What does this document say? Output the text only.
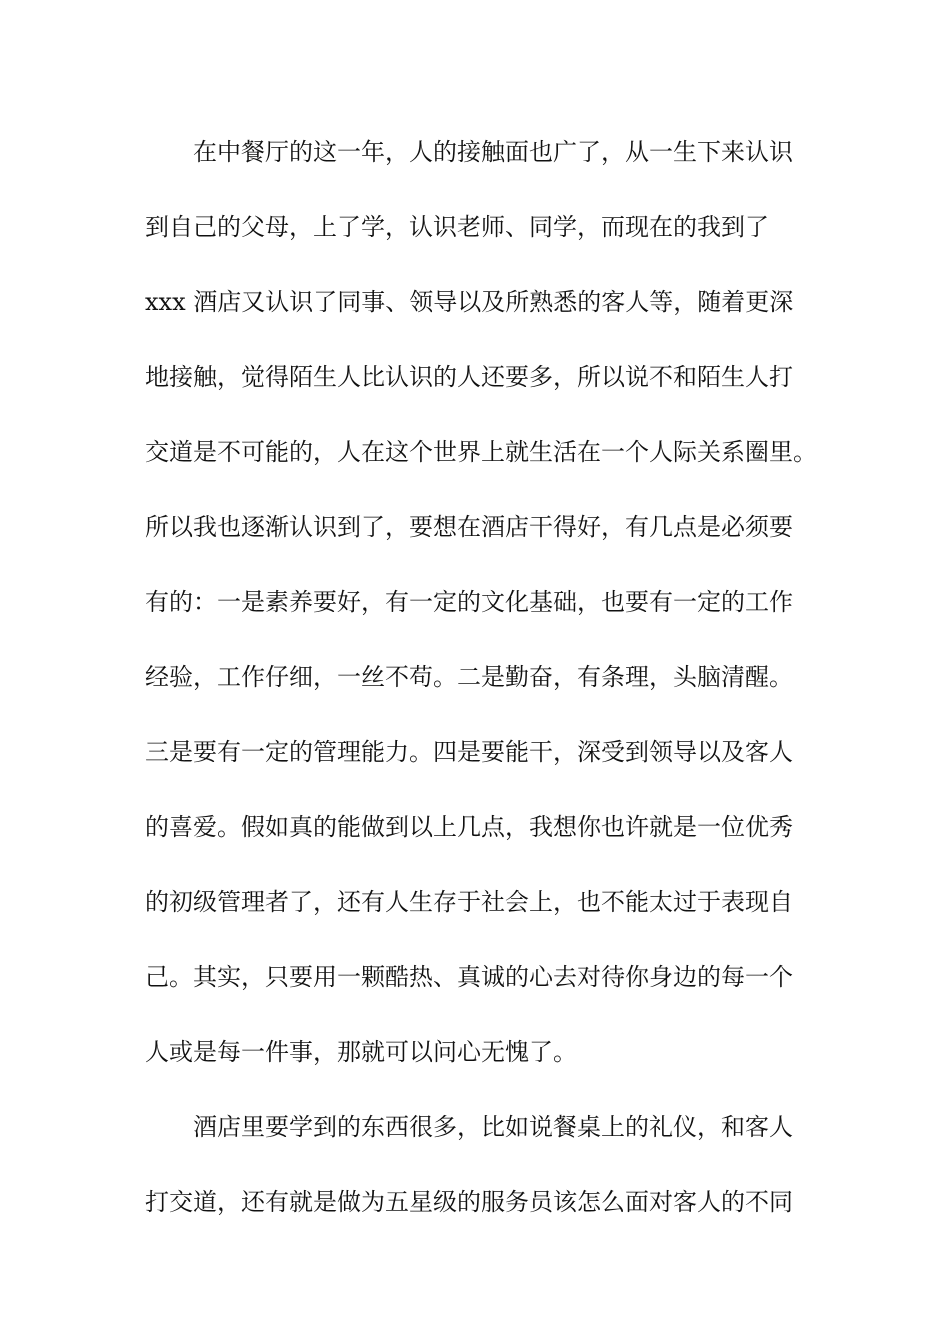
在中餐厅的这一年，人的接触面也广了，从一生下来认识
到自己的父母，上了学，认识老师、同学，而现在的我到了
xxx 酒店又认识了同事、领导以及所熟悉的客人等，随着更深
地接触，觉得陌生人比认识的人还要多，所以说不和陌生人打
交道是不可能的，人在这个世界上就生活在一个人际关系圈里。
所以我也逐渐认识到了，要想在酒店干得好，有几点是必须要
有的：一是素养要好，有一定的文化基础，也要有一定的工作
经验，工作仔细，一丝不苟。二是勤奋，有条理，头脑清醒。
三是要有一定的管理能力。四是要能干，深受到领导以及客人
的喜爱。假如真的能做到以上几点，我想你也许就是一位优秀
的初级管理者了，还有人生存于社会上，也不能太过于表现自
己。其实，只要用一颗酷热、真诚的心去对待你身边的每一个
人或是每一件事，那就可以问心无愧了。
酒店里要学到的东西很多，比如说餐桌上的礼仪，和客人
打交道，还有就是做为五星级的服务员该怎么面对客人的不同
